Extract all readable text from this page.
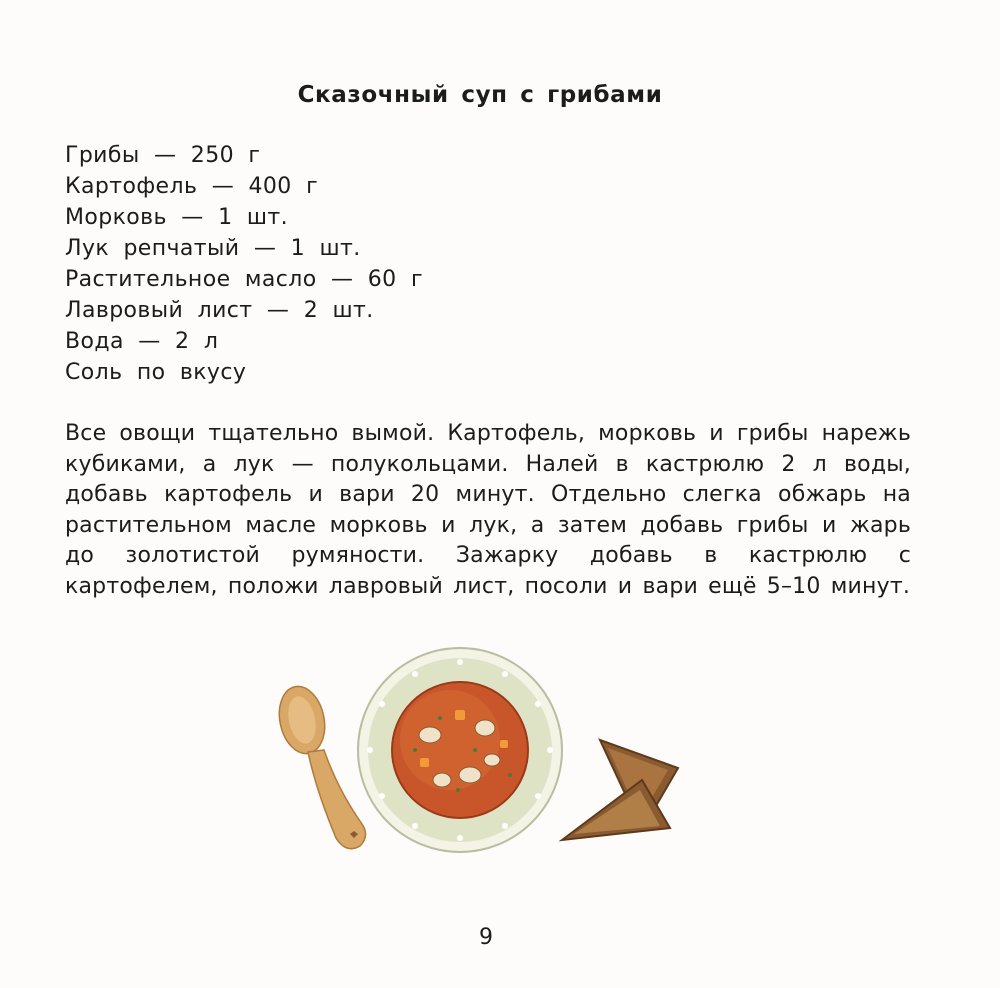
Сказочный суп с грибами
Грибы — 250 г
Картофель — 400 г
Морковь — 1 шт.
Лук репчатый — 1 шт.
Растительное масло — 60 г
Лавровый лист — 2 шт.
Вода — 2 л
Соль по вкусу

Все овощи тщательно вымой. Картофель, морковь и грибы нарежь кубиками, а лук — полукольцами. Налей в кастрюлю 2 л воды, добавь картофель и вари 20 минут. Отдельно слегка обжарь на растительном масле морковь и лук, а затем добавь грибы и жарь до золотистой румяности. Зажарку добавь в кастрюлю с картофелем, положи лавровый лист, посоли и вари ещё 5–10 минут.

9
